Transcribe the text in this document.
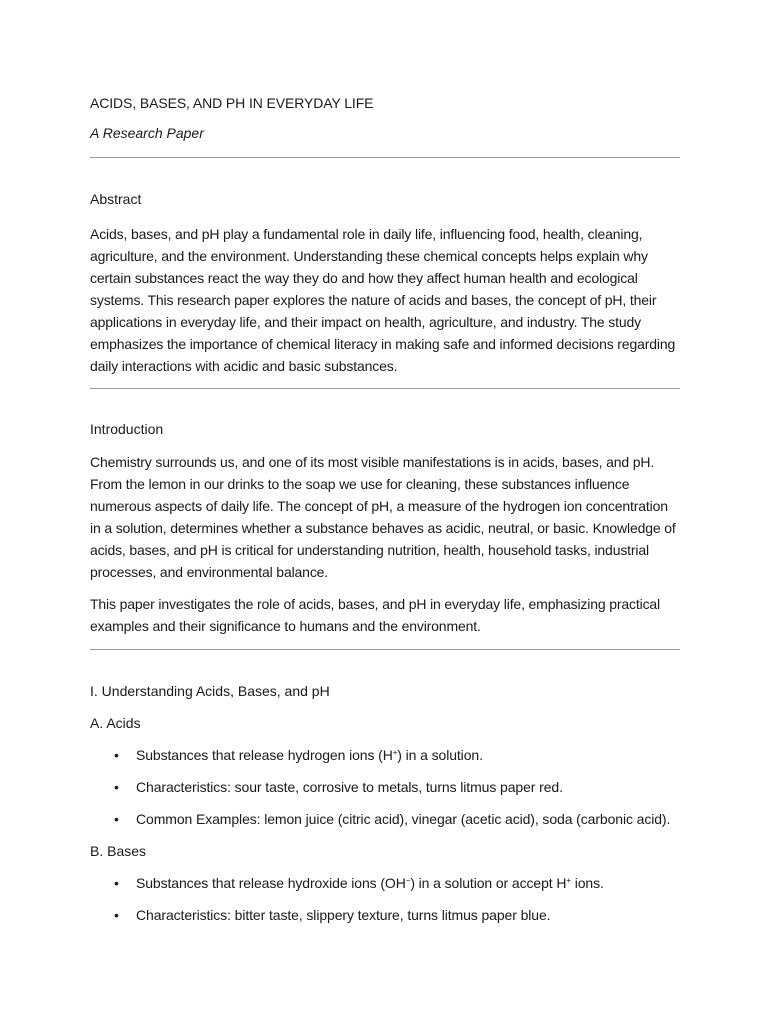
ACIDS, BASES, AND PH IN EVERYDAY LIFE
A Research Paper
Abstract

Acids, bases, and pH play a fundamental role in daily life, influencing food, health, cleaning, agriculture, and the environment. Understanding these chemical concepts helps explain why certain substances react the way they do and how they affect human health and ecological systems. This research paper explores the nature of acids and bases, the concept of pH, their applications in everyday life, and their impact on health, agriculture, and industry. The study emphasizes the importance of chemical literacy in making safe and informed decisions regarding daily interactions with acidic and basic substances.

Introduction

Chemistry surrounds us, and one of its most visible manifestations is in acids, bases, and pH. From the lemon in our drinks to the soap we use for cleaning, these substances influence numerous aspects of daily life. The concept of pH, a measure of the hydrogen ion concentration in a solution, determines whether a substance behaves as acidic, neutral, or basic. Knowledge of acids, bases, and pH is critical for understanding nutrition, health, household tasks, industrial processes, and environmental balance.

This paper investigates the role of acids, bases, and pH in everyday life, emphasizing practical examples and their significance to humans and the environment.

I. Understanding Acids, Bases, and pH
A. Acids
• Substances that release hydrogen ions (H+) in a solution.
• Characteristics: sour taste, corrosive to metals, turns litmus paper red.
• Common Examples: lemon juice (citric acid), vinegar (acetic acid), soda (carbonic acid).
B. Bases
• Substances that release hydroxide ions (OH−) in a solution or accept H+ ions.
• Characteristics: bitter taste, slippery texture, turns litmus paper blue.
